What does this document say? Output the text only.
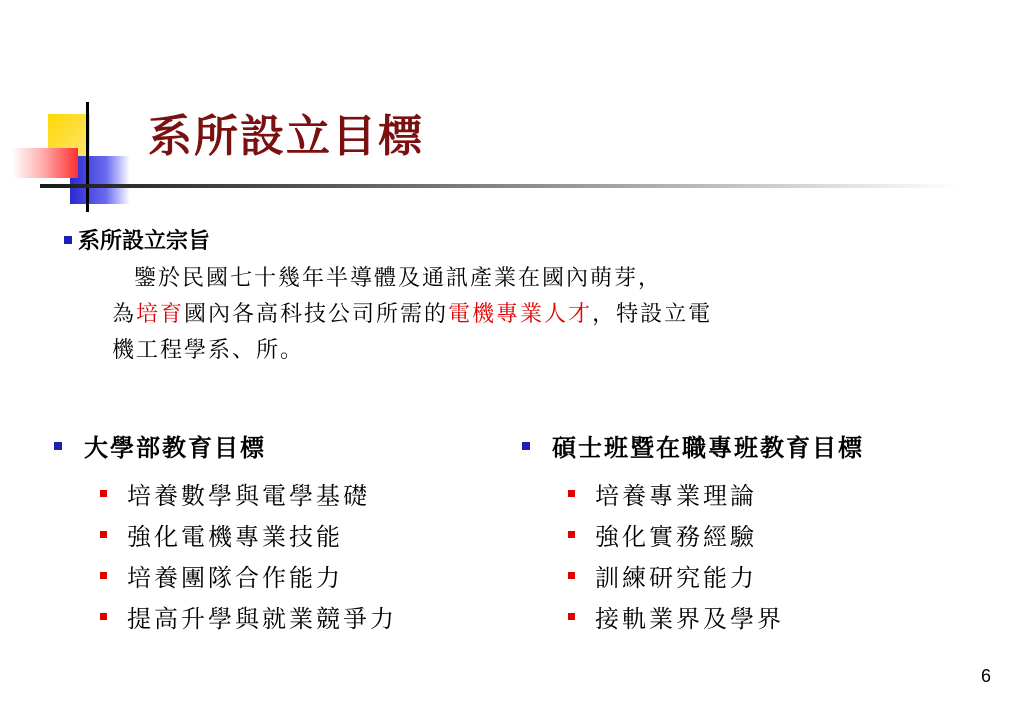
系所設立目標
系所設立宗旨
鑒於民國七十幾年半導體及通訊產業在國內萌芽，
為培育國內各高科技公司所需的電機專業人才，特設立電
機工程學系、所。
大學部教育目標
培養數學與電學基礎
強化電機專業技能
培養團隊合作能力
提高升學與就業競爭力
碩士班暨在職專班教育目標
培養專業理論
強化實務經驗
訓練研究能力
接軌業界及學界
6
